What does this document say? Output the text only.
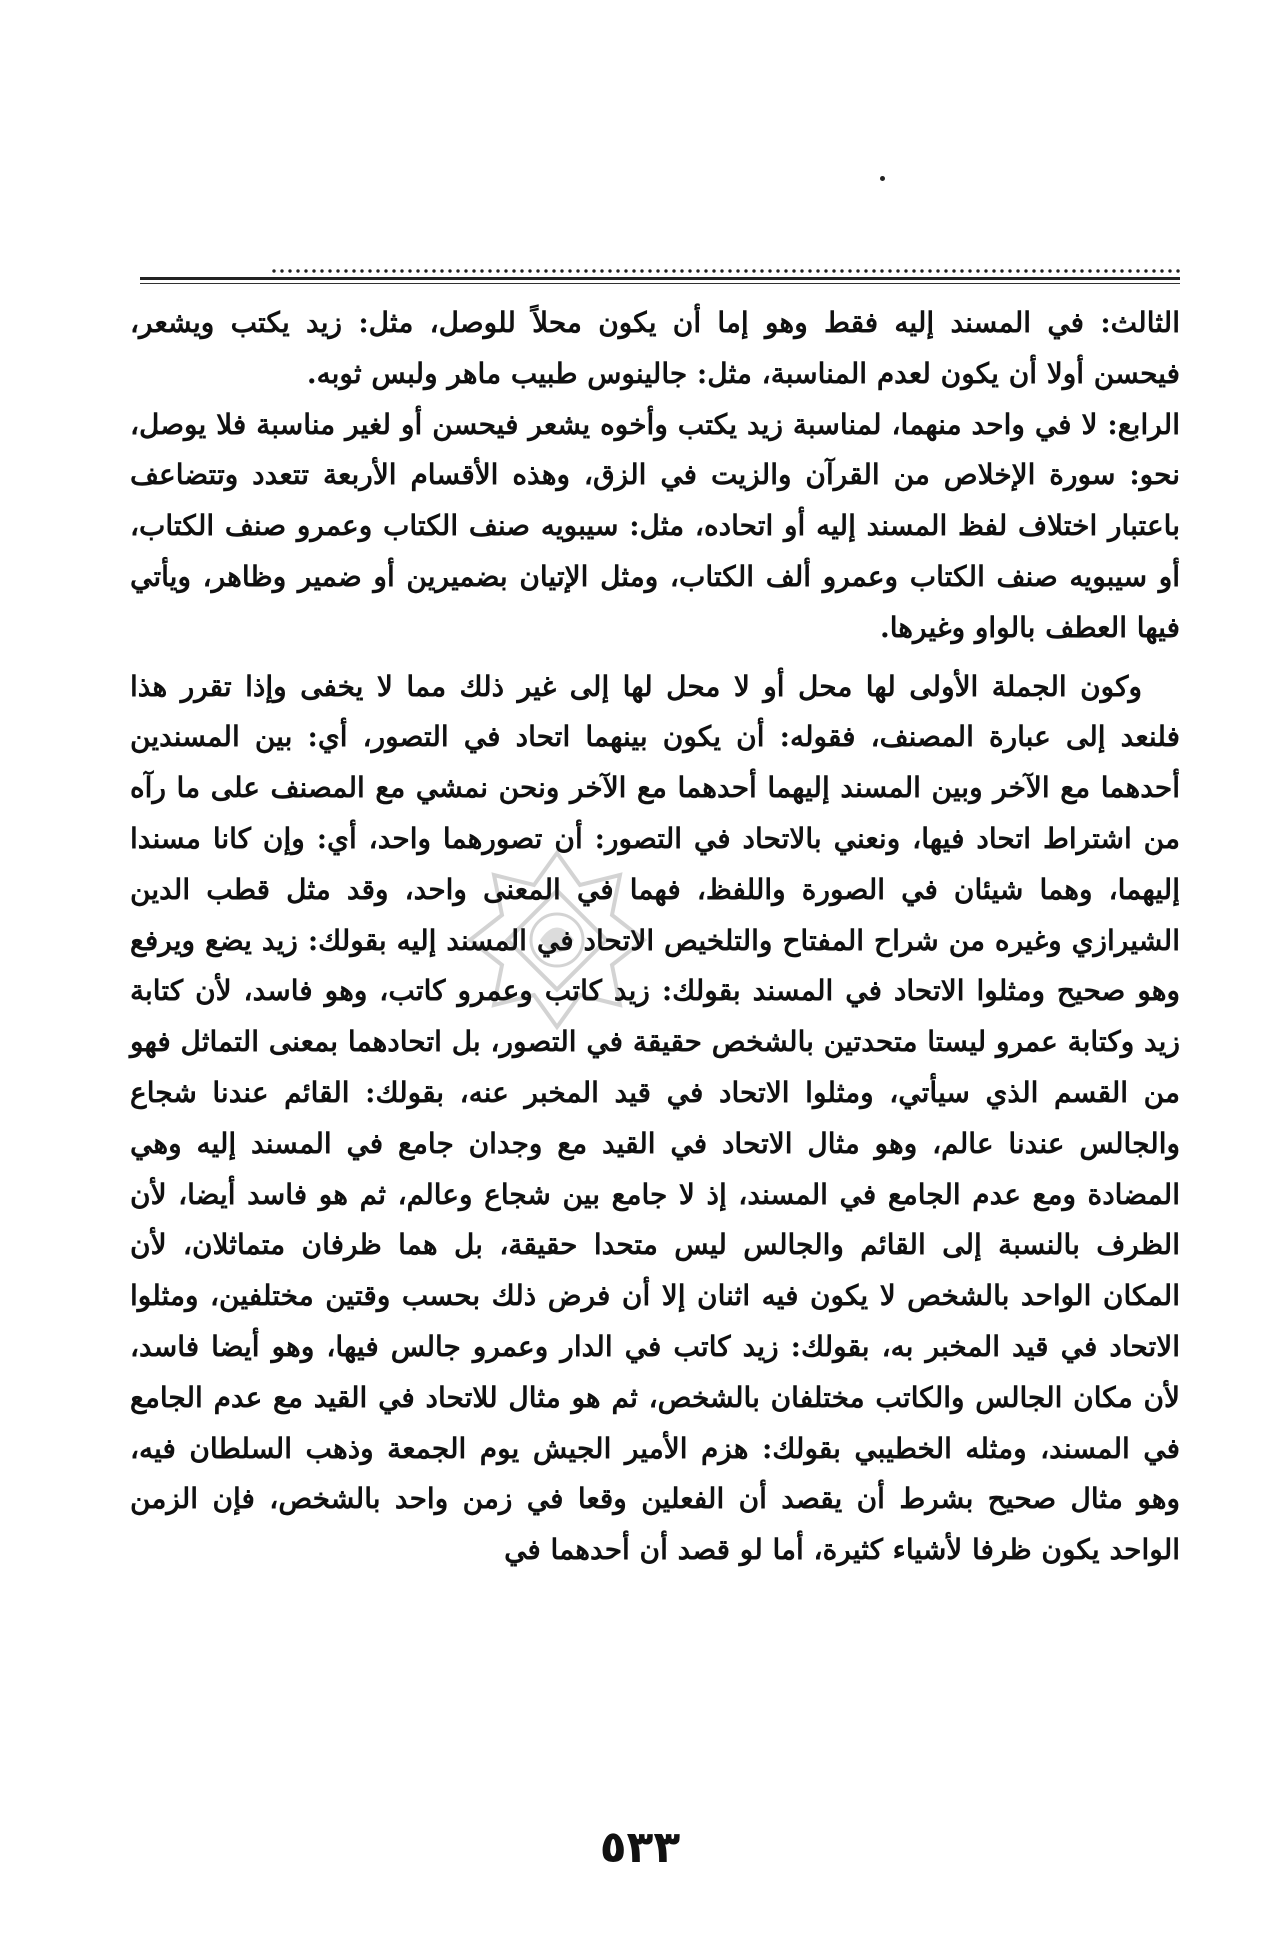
الثالث: في المسند إليه فقط وهو إما أن يكون محلاً للوصل، مثل: زيد يكتب ويشعر، فيحسن أولا أن يكون لعدم المناسبة، مثل: جالينوس طبيب ماهر ولبس ثوبه.

الرابع: لا في واحد منهما، لمناسبة زيد يكتب وأخوه يشعر فيحسن أو لغير مناسبة فلا يوصل، نحو: سورة الإخلاص من القرآن والزيت في الزق، وهذه الأقسام الأربعة تتعدد وتتضاعف باعتبار اختلاف لفظ المسند إليه أو اتحاده، مثل: سيبويه صنف الكتاب وعمرو صنف الكتاب، أو سيبويه صنف الكتاب وعمرو ألف الكتاب، ومثل الإتيان بضميرين أو ضمير وظاهر، ويأتي فيها العطف بالواو وغيرها.

وكون الجملة الأولى لها محل أو لا محل لها إلى غير ذلك مما لا يخفى وإذا تقرر هذا فلنعد إلى عبارة المصنف، فقوله: أن يكون بينهما اتحاد في التصور، أي: بين المسندين أحدهما مع الآخر وبين المسند إليهما أحدهما مع الآخر ونحن نمشي مع المصنف على ما رآه من اشتراط اتحاد فيها، ونعني بالاتحاد في التصور: أن تصورهما واحد، أي: وإن كانا مسندا إليهما، وهما شيئان في الصورة واللفظ، فهما في المعنى واحد، وقد مثل قطب الدين الشيرازي وغيره من شراح المفتاح والتلخيص الاتحاد في المسند إليه بقولك: زيد يضع ويرفع وهو صحيح ومثلوا الاتحاد في المسند بقولك: زيد كاتب وعمرو كاتب، وهو فاسد، لأن كتابة زيد وكتابة عمرو ليستا متحدتين بالشخص حقيقة في التصور، بل اتحادهما بمعنى التماثل فهو من القسم الذي سيأتي، ومثلوا الاتحاد في قيد المخبر عنه، بقولك: القائم عندنا شجاع والجالس عندنا عالم، وهو مثال الاتحاد في القيد مع وجدان جامع في المسند إليه وهي المضادة ومع عدم الجامع في المسند، إذ لا جامع بين شجاع وعالم، ثم هو فاسد أيضا، لأن الظرف بالنسبة إلى القائم والجالس ليس متحدا حقيقة، بل هما ظرفان متماثلان، لأن المكان الواحد بالشخص لا يكون فيه اثنان إلا أن فرض ذلك بحسب وقتين مختلفين، ومثلوا الاتحاد في قيد المخبر به، بقولك: زيد كاتب في الدار وعمرو جالس فيها، وهو أيضا فاسد، لأن مكان الجالس والكاتب مختلفان بالشخص، ثم هو مثال للاتحاد في القيد مع عدم الجامع في المسند، ومثله الخطيبي بقولك: هزم الأمير الجيش يوم الجمعة وذهب السلطان فيه، وهو مثال صحيح بشرط أن يقصد أن الفعلين وقعا في زمن واحد بالشخص، فإن الزمن الواحد يكون ظرفا لأشياء كثيرة، أما لو قصد أن أحدهما في

٥٣٣
